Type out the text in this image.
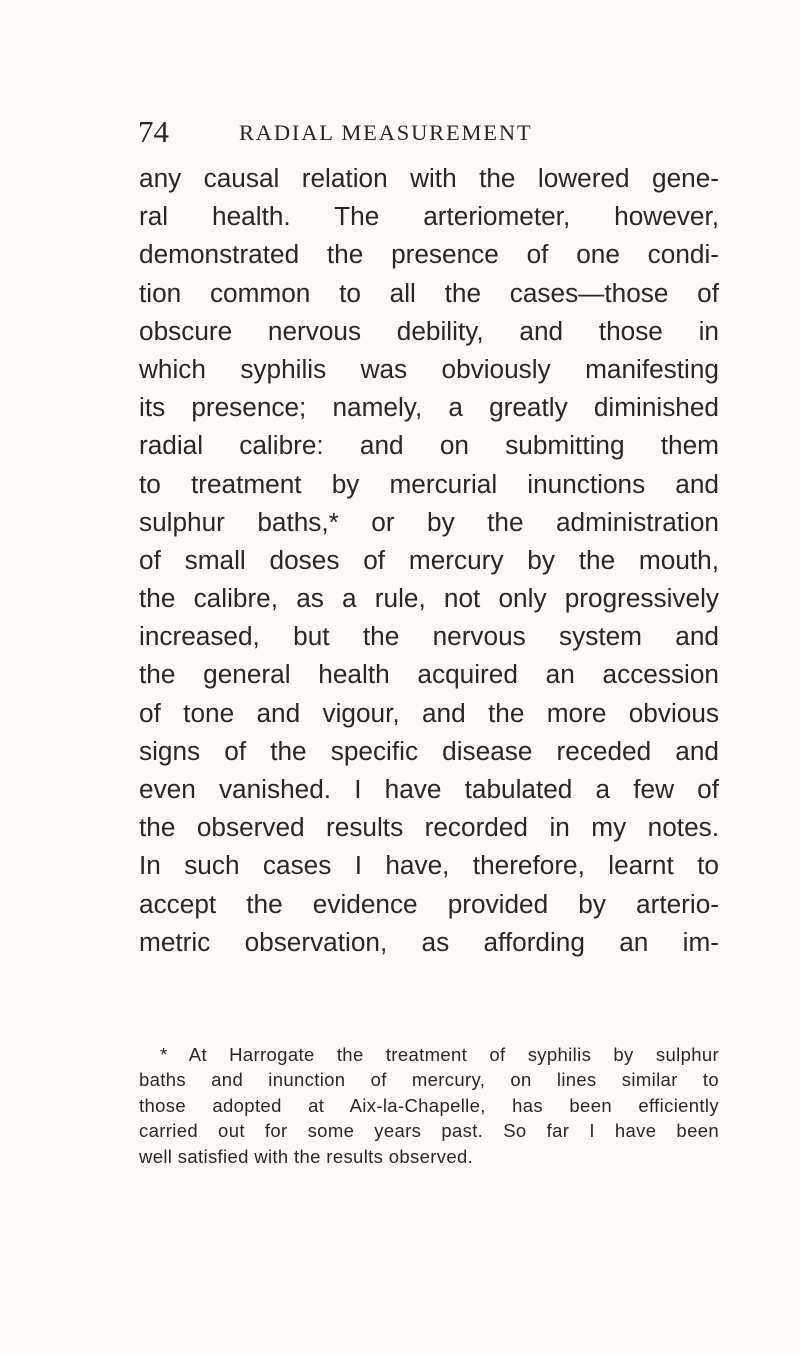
74	RADIAL MEASUREMENT
any causal relation with the lowered gene-
ral health. The arteriometer, however,
demonstrated the presence of one condi-
tion common to all the cases—those of
obscure nervous debility, and those in
which syphilis was obviously manifesting
its presence; namely, a greatly diminished
radial calibre: and on submitting them
to treatment by mercurial inunctions and
sulphur baths,* or by the administration
of small doses of mercury by the mouth,
the calibre, as a rule, not only progressively
increased, but the nervous system and
the general health acquired an accession
of tone and vigour, and the more obvious
signs of the specific disease receded and
even vanished. I have tabulated a few of
the observed results recorded in my notes.
In such cases I have, therefore, learnt to
accept the evidence provided by arterio-
metric observation, as affording an im-
* At Harrogate the treatment of syphilis by sulphur
baths and inunction of mercury, on lines similar to
those adopted at Aix-la-Chapelle, has been efficiently
carried out for some years past. So far I have been
well satisfied with the results observed.
